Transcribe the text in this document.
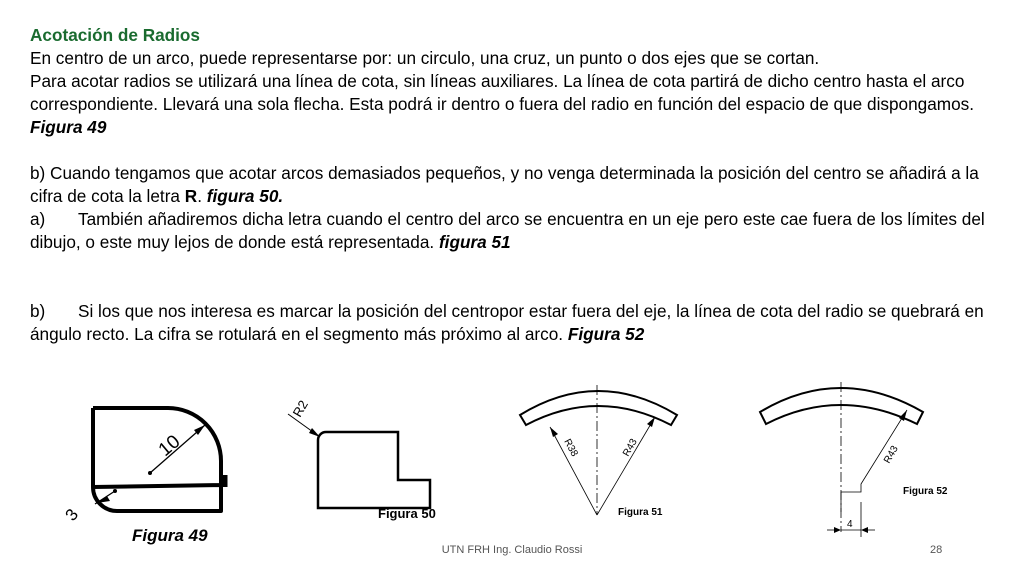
Acotación de Radios

En centro de un arco, puede representarse por: un circulo, una cruz, un punto o dos ejes que se cortan.

Para acotar radios se utilizará una línea de cota, sin líneas auxiliares. La línea de cota partirá de dicho centro hasta el arco correspondiente. Llevará una sola flecha. Esta podrá ir dentro o fuera del radio en función del espacio de que dispongamos. Figura 49

b) Cuando tengamos que acotar arcos demasiados pequeños, y no venga determinada la posición del centro se añadirá a la cifra de cota la letra R. figura 50.

a) También añadiremos dicha letra cuando el centro del arco se encuentra en un eje pero este cae fuera de los límites del dibujo, o este muy lejos de donde está representada. figura 51

b) Si los que nos interesa es marcar la posición del centropor estar fuera del eje, la línea de cota del radio se quebrará en ángulo recto. La cifra se rotulará en el segmento más próximo al arco. Figura 52

10
3
Figura 49
R2
Figura 50
R38	R43
Figura 51
R43
4
Figura 52
UTN FRH Ing. Claudio Rossi	28
